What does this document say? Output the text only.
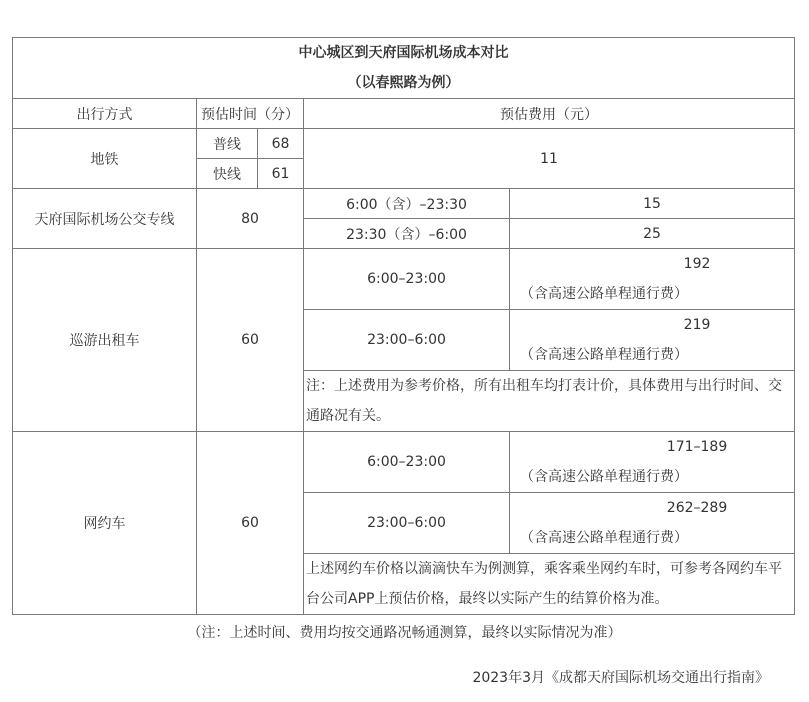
中心城区到天府国际机场成本对比
（以春熙路为例）				

出行方式	预估时间（分）		预估费用（元）	
地铁	普线	68	11	
	快线	61		
天府国际机场公交专线	80		6:00（含）–23:30	15
			23:30（含）–6:00	25
巡游出租车	60		6:00–23:00	192
（含高速公路单程通行费）

			23:00–6:00	219
（含高速公路单程通行费）

			注：上述费用为参考价格，所有出租车均打表计价，具体费用与出行时间、交通路况有关。	
网约车	60		6:00–23:00	171–189
（含高速公路单程通行费）

			23:00–6:00	262–289
（含高速公路单程通行费）

			上述网约车价格以滴滴快车为例测算，乘客乘坐网约车时，可参考各网约车平台公司APP上预估价格，最终以实际产生的结算价格为准。	
（注：上述时间、费用均按交通路况畅通测算，最终以实际情况为准）
2023年3月《成都天府国际机场交通出行指南》
